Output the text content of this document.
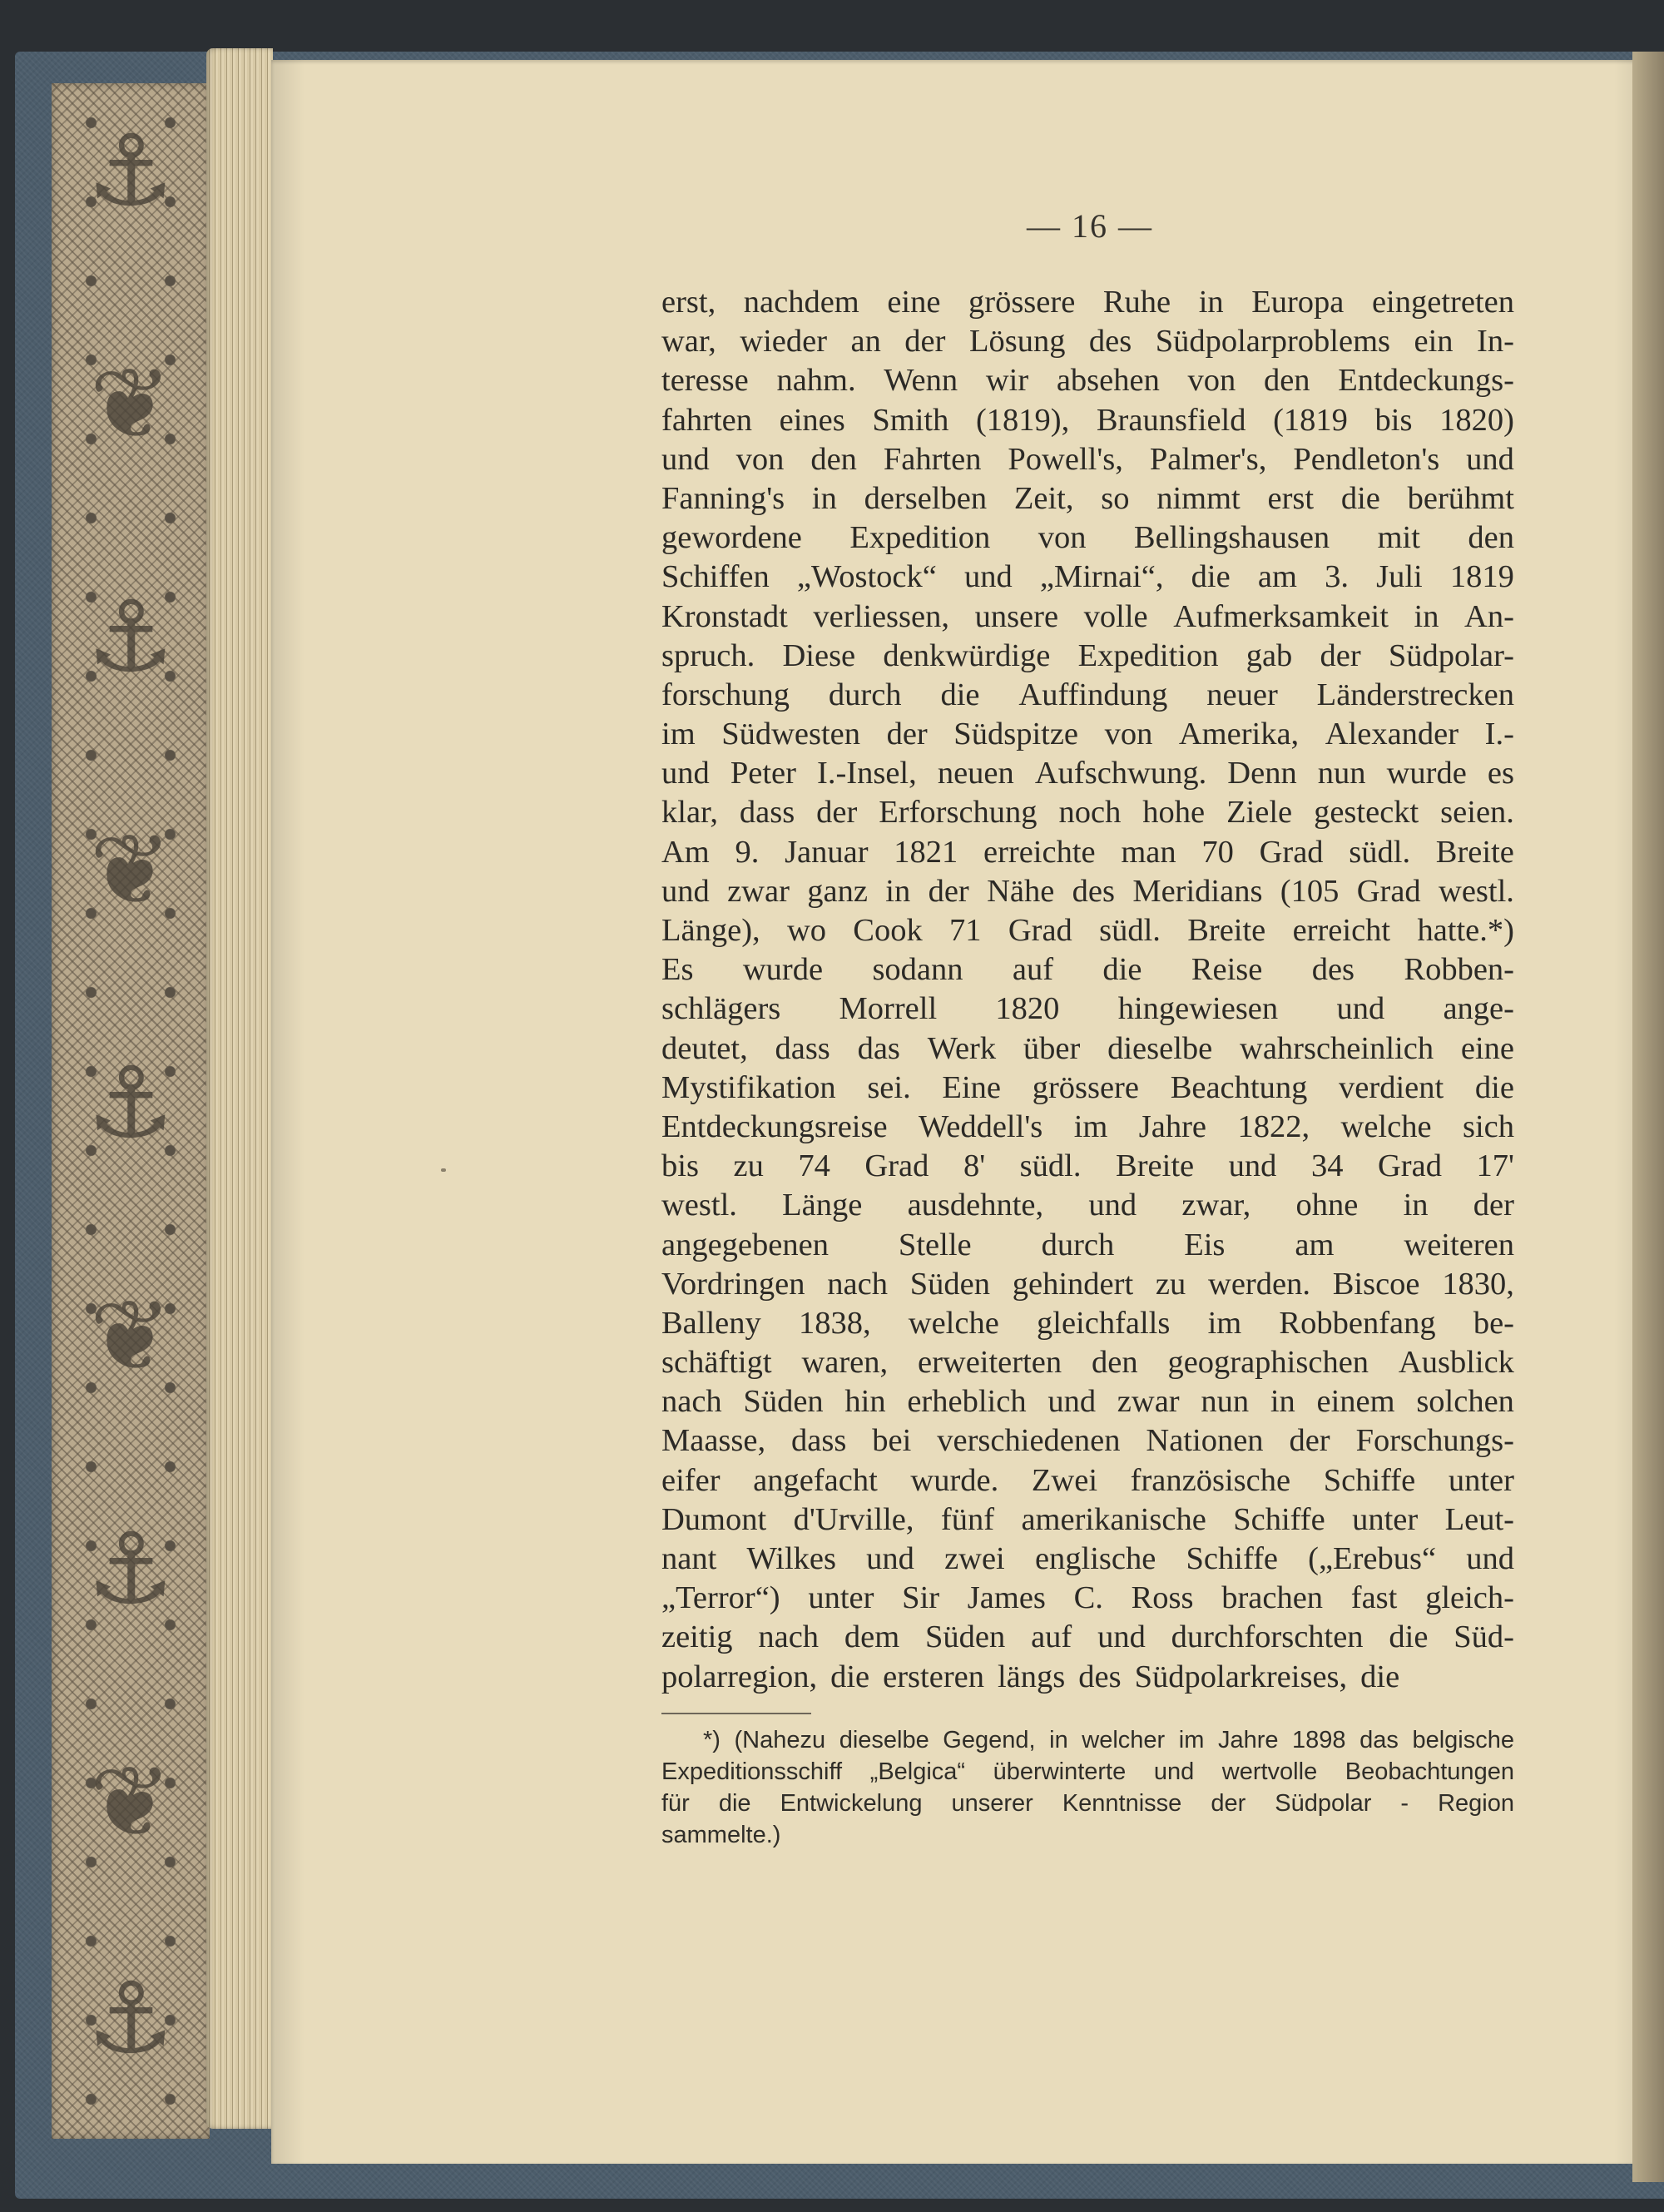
⚓
❦
⚓
❦
⚓
❦
⚓
❦
⚓
— 16 —
erst, nachdem eine grössere Ruhe in Europa eingetreten
war, wieder an der Lösung des Südpolarproblems ein In-
teresse nahm. Wenn wir absehen von den Entdeckungs-
fahrten eines Smith (1819), Braunsfield (1819 bis 1820)
und von den Fahrten Powell's, Palmer's, Pendleton's und
Fanning's in derselben Zeit, so nimmt erst die berühmt
gewordene Expedition von Bellingshausen mit den
Schiffen „Wostock“ und „Mirnai“, die am 3. Juli 1819
Kronstadt verliessen, unsere volle Aufmerksamkeit in An-
spruch. Diese denkwürdige Expedition gab der Südpolar-
forschung durch die Auffindung neuer Länderstrecken
im Südwesten der Südspitze von Amerika, Alexander I.-
und Peter I.-Insel, neuen Aufschwung. Denn nun wurde es
klar, dass der Erforschung noch hohe Ziele gesteckt seien.
Am 9. Januar 1821 erreichte man 70 Grad südl. Breite
und zwar ganz in der Nähe des Meridians (105 Grad westl.
Länge), wo Cook 71 Grad südl. Breite erreicht hatte.*)
Es wurde sodann auf die Reise des Robben-
schlägers Morrell 1820 hingewiesen und ange-
deutet, dass das Werk über dieselbe wahrscheinlich eine
Mystifikation sei. Eine grössere Beachtung verdient die
Entdeckungsreise Weddell's im Jahre 1822, welche sich
bis zu 74 Grad 8' südl. Breite und 34 Grad 17'
westl. Länge ausdehnte, und zwar, ohne in der
angegebenen Stelle durch Eis am weiteren
Vordringen nach Süden gehindert zu werden. Biscoe 1830,
Balleny 1838, welche gleichfalls im Robbenfang be-
schäftigt waren, erweiterten den geographischen Ausblick
nach Süden hin erheblich und zwar nun in einem solchen
Maasse, dass bei verschiedenen Nationen der Forschungs-
eifer angefacht wurde. Zwei französische Schiffe unter
Dumont d'Urville, fünf amerikanische Schiffe unter Leut-
nant Wilkes und zwei englische Schiffe („Erebus“ und
„Terror“) unter Sir James C. Ross brachen fast gleich-
zeitig nach dem Süden auf und durchforschten die Süd-
polarregion, die ersteren längs des Südpolarkreises, die
*) (Nahezu dieselbe Gegend, in welcher im Jahre 1898 das belgische
Expeditionsschiff „Belgica“ überwinterte und wertvolle Beobachtungen
für die Entwickelung unserer Kenntnisse der Südpolar - Region
sammelte.)
